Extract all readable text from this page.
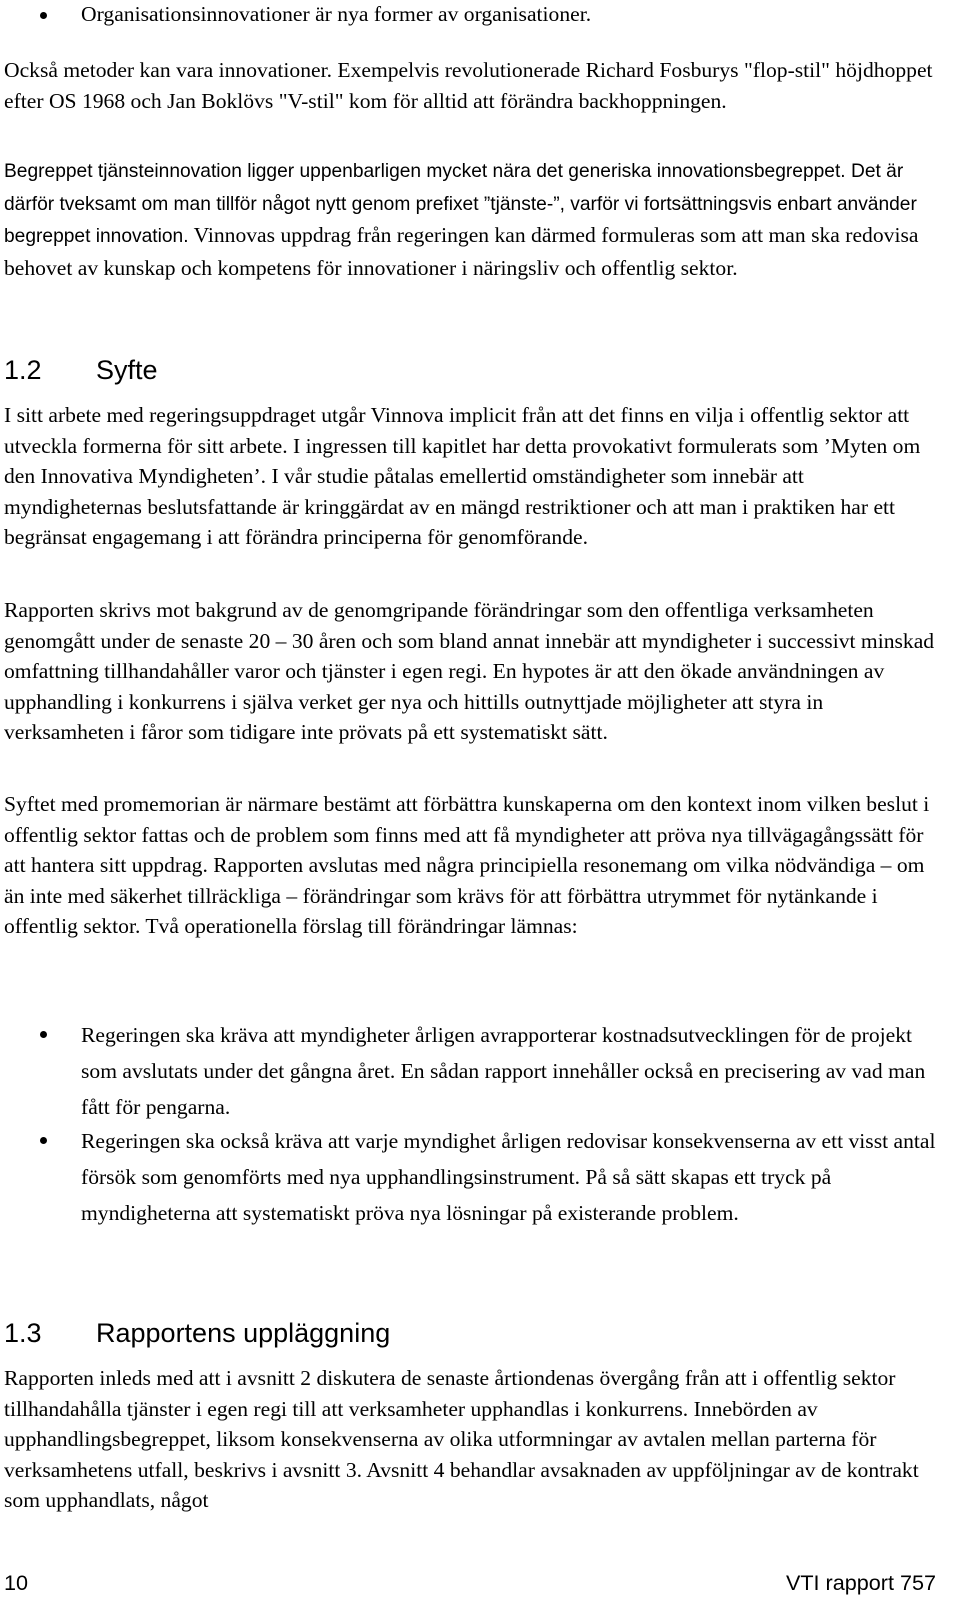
Organisationsinnovationer är nya former av organisationer.

Också metoder kan vara innovationer. Exempelvis revolutionerade Richard Fosburys "flop-stil" höjdhoppet efter OS 1968 och Jan Boklövs "V-stil" kom för alltid att förändra backhoppningen.

Begreppet tjänsteinnovation ligger uppenbarligen mycket nära det generiska innovationsbegreppet. Det är därför tveksamt om man tillför något nytt genom prefixet ”tjänste-”, varför vi fortsättningsvis enbart använder begreppet innovation. Vinnovas uppdrag från regeringen kan därmed formuleras som att man ska redovisa behovet av kunskap och kompetens för innovationer i näringsliv och offentlig sektor.

1.2 Syfte

I sitt arbete med regeringsuppdraget utgår Vinnova implicit från att det finns en vilja i offentlig sektor att utveckla formerna för sitt arbete. I ingressen till kapitlet har detta provokativt formulerats som ’Myten om den Innovativa Myndigheten’. I vår studie påtalas emellertid omständigheter som innebär att myndigheternas beslutsfattande är kringgärdat av en mängd restriktioner och att man i praktiken har ett begränsat engagemang i att förändra principerna för genomförande.

Rapporten skrivs mot bakgrund av de genomgripande förändringar som den offentliga verksamheten genomgått under de senaste 20 – 30 åren och som bland annat innebär att myndigheter i successivt minskad omfattning tillhandahåller varor och tjänster i egen regi. En hypotes är att den ökade användningen av upphandling i konkurrens i själva verket ger nya och hittills outnyttjade möjligheter att styra in verksamheten i fåror som tidigare inte prövats på ett systematiskt sätt.

Syftet med promemorian är närmare bestämt att förbättra kunskaperna om den kontext inom vilken beslut i offentlig sektor fattas och de problem som finns med att få myndigheter att pröva nya tillvägagångssätt för att hantera sitt uppdrag. Rapporten avslutas med några principiella resonemang om vilka nödvändiga – om än inte med säkerhet tillräckliga – förändringar som krävs för att förbättra utrymmet för nytänkande i offentlig sektor. Två operationella förslag till förändringar lämnas:

Regeringen ska kräva att myndigheter årligen avrapporterar kostnadsutvecklingen för de projekt som avslutats under det gångna året. En sådan rapport innehåller också en precisering av vad man fått för pengarna.

Regeringen ska också kräva att varje myndighet årligen redovisar konsekvenserna av ett visst antal försök som genomförts med nya upphandlingsinstrument. På så sätt skapas ett tryck på myndigheterna att systematiskt pröva nya lösningar på existerande problem.

1.3 Rapportens uppläggning

Rapporten inleds med att i avsnitt 2 diskutera de senaste årtiondenas övergång från att i offentlig sektor tillhandahålla tjänster i egen regi till att verksamheter upphandlas i konkurrens. Innebörden av upphandlingsbegreppet, liksom konsekvenserna av olika utformningar av avtalen mellan parterna för verksamhetens utfall, beskrivs i avsnitt 3. Avsnitt 4 behandlar avsaknaden av uppföljningar av de kontrakt som upphandlats, något

10	VTI rapport 757
